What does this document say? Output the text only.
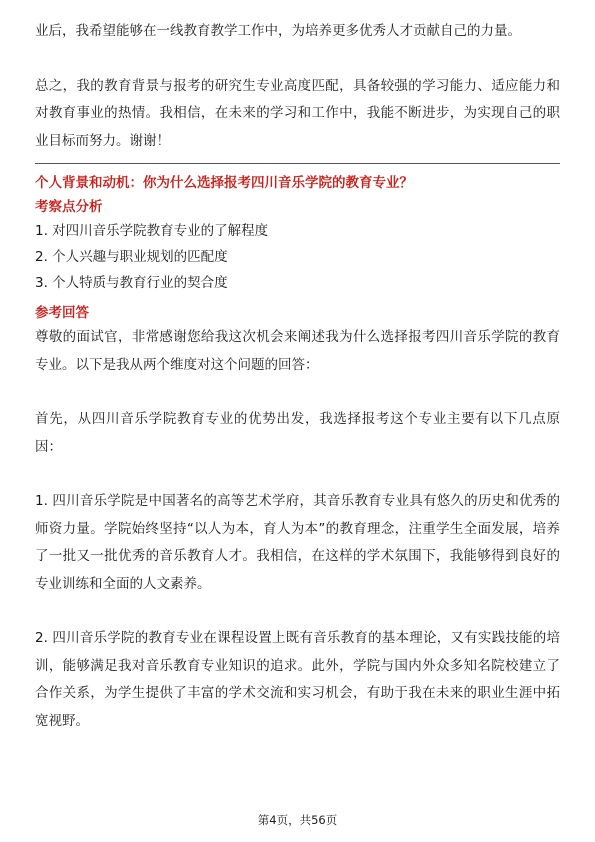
业后，我希望能够在一线教育教学工作中，为培养更多优秀人才贡献自己的力量。

总之，我的教育背景与报考的研究生专业高度匹配，具备较强的学习能力、适应能力和对教育事业的热情。我相信，在未来的学习和工作中，我能不断进步，为实现自己的职业目标而努力。谢谢！

个人背景和动机：你为什么选择报考四川音乐学院的教育专业？

考察点分析

1. 对四川音乐学院教育专业的了解程度

2. 个人兴趣与职业规划的匹配度

3. 个人特质与教育行业的契合度

参考回答

尊敬的面试官，非常感谢您给我这次机会来阐述我为什么选择报考四川音乐学院的教育专业。以下是我从两个维度对这个问题的回答：

首先，从四川音乐学院教育专业的优势出发，我选择报考这个专业主要有以下几点原因：

1. 四川音乐学院是中国著名的高等艺术学府，其音乐教育专业具有悠久的历史和优秀的师资力量。学院始终坚持“以人为本，育人为本”的教育理念，注重学生全面发展，培养了一批又一批优秀的音乐教育人才。我相信，在这样的学术氛围下，我能够得到良好的专业训练和全面的人文素养。

2. 四川音乐学院的教育专业在课程设置上既有音乐教育的基本理论，又有实践技能的培训，能够满足我对音乐教育专业知识的追求。此外，学院与国内外众多知名院校建立了合作关系，为学生提供了丰富的学术交流和实习机会，有助于我在未来的职业生涯中拓宽视野。

第4页，共56页
